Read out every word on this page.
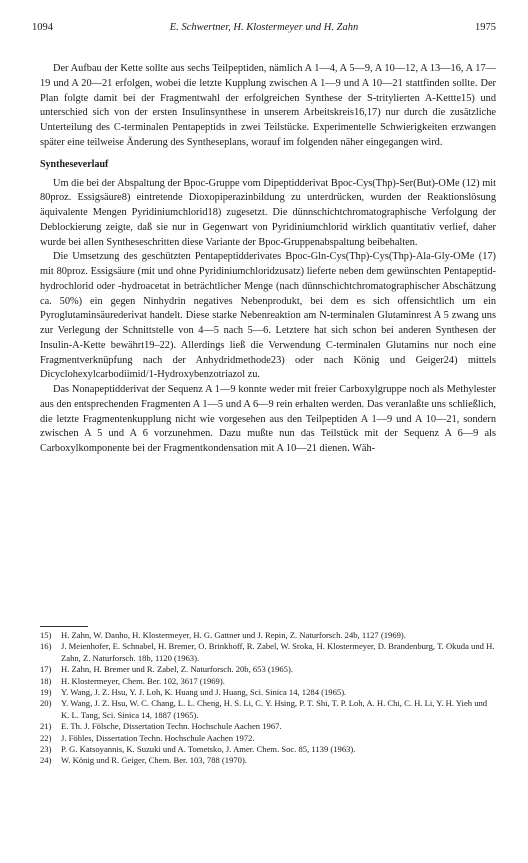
1094	E. Schwertner, H. Klostermeyer und H. Zahn	1975

Der Aufbau der Kette sollte aus sechs Teilpeptiden, nämlich A 1—4, A 5—9, A 10—12, A 13—16, A 17—19 und A 20—21 erfolgen, wobei die letzte Kupplung zwischen A 1—9 und A 10—21 stattfinden sollte. Der Plan folgte damit bei der Fragmentwahl der erfolgreichen Synthese der S-tritylierten A-Kettte15) und unterschied sich von der ersten Insulinsynthese in unserem Arbeitskreis16,17) nur durch die zusätzliche Unterteilung des C-terminalen Pentapeptids in zwei Teilstücke. Experimentelle Schwierigkeiten erzwangen später eine teilweise Änderung des Syntheseplans, worauf im folgenden näher eingegangen wird.

Syntheseverlauf

Um die bei der Abspaltung der Bpoc-Gruppe vom Dipeptidderivat Bpoc-Cys(Thp)-Ser(But)-OMe (12) mit 80proz. Essigsäure8) eintretende Dioxopiperazinbildung zu unterdrücken, wurden der Reaktionslösung äquivalente Mengen Pyridiniumchlorid18) zugesetzt. Die dünnschichtchromatographische Verfolgung der Deblockierung zeigte, daß sie nur in Gegenwart von Pyridiniumchlorid wirklich quantitativ verlief, daher wurde bei allen Syntheseschritten diese Variante der Bpoc-Gruppenabspaltung beibehalten.

Die Umsetzung des geschützten Pentapeptidderivates Bpoc-Gln-Cys(Thp)-Cys(Thp)-Ala-Gly-OMe (17) mit 80proz. Essigsäure (mit und ohne Pyridiniumchloridzusatz) lieferte neben dem gewünschten Pentapeptid-hydrochlorid oder -hydroacetat in beträchtlicher Menge (nach dünnschichtchromatographischer Abschätzung ca. 50%) ein gegen Ninhydrin negatives Nebenprodukt, bei dem es sich offensichtlich um ein Pyroglutaminsäurederivat handelt. Diese starke Nebenreaktion am N-terminalen Glutaminrest A 5 zwang uns zur Verlegung der Schnittstelle von 4—5 nach 5—6. Letztere hat sich schon bei anderen Synthesen der Insulin-A-Kette bewährt19–22). Allerdings ließ die Verwendung C-terminalen Glutamins nur noch eine Fragmentverknüpfung nach der Anhydridmethode23) oder nach König und Geiger24) mittels Dicyclohexylcarbodiimid/1-Hydroxybenzotriazol zu.

Das Nonapeptidderivat der Sequenz A 1—9 konnte weder mit freier Carboxylgruppe noch als Methylester aus den entsprechenden Fragmenten A 1—5 und A 6—9 rein erhalten werden. Das veranlaßte uns schließlich, die letzte Fragmentenkupplung nicht wie vorgesehen aus den Teilpeptiden A 1—9 und A 10—21, sondern zwischen A 5 und A 6 vorzunehmen. Dazu mußte nun das Teilstück mit der Sequenz A 6—9 als Carboxylkomponente bei der Fragmentkondensation mit A 10—21 dienen. Wäh-

15) H. Zahn, W. Danho, H. Klostermeyer, H. G. Gattner und J. Repin, Z. Naturforsch. 24b, 1127 (1969).

16) J. Meienhofer, E. Schnabel, H. Bremer, O. Brinkhoff, R. Zabel, W. Sroka, H. Klostermeyer, D. Brandenburg, T. Okuda und H. Zahn, Z. Naturforsch. 18b, 1120 (1963).

17) H. Zahn, H. Bremer und R. Zabel, Z. Naturforsch. 20b, 653 (1965).

18) H. Klostermeyer, Chem. Ber. 102, 3617 (1969).

19) Y. Wang, J. Z. Hsu, Y. J. Loh, K. Huang und J. Huang, Sci. Sinica 14, 1284 (1965).

20) Y. Wang, J. Z. Hsu, W. C. Chang, L. L. Cheng, H. S. Li, C. Y. Hsing, P. T. Shi, T. P. Loh, A. H. Chi, C. H. Li, Y. H. Yieh und K. L. Tang, Sci. Sinica 14, 1887 (1965).

21) E. Th. J. Fölsche, Dissertation Techn. Hochschule Aachen 1967.

22) J. Föhles, Dissertation Techn. Hochschule Aachen 1972.

23) P. G. Katsoyannis, K. Suzuki und A. Tometsko, J. Amer. Chem. Soc. 85, 1139 (1963).

24) W. König und R. Geiger, Chem. Ber. 103, 788 (1970).
